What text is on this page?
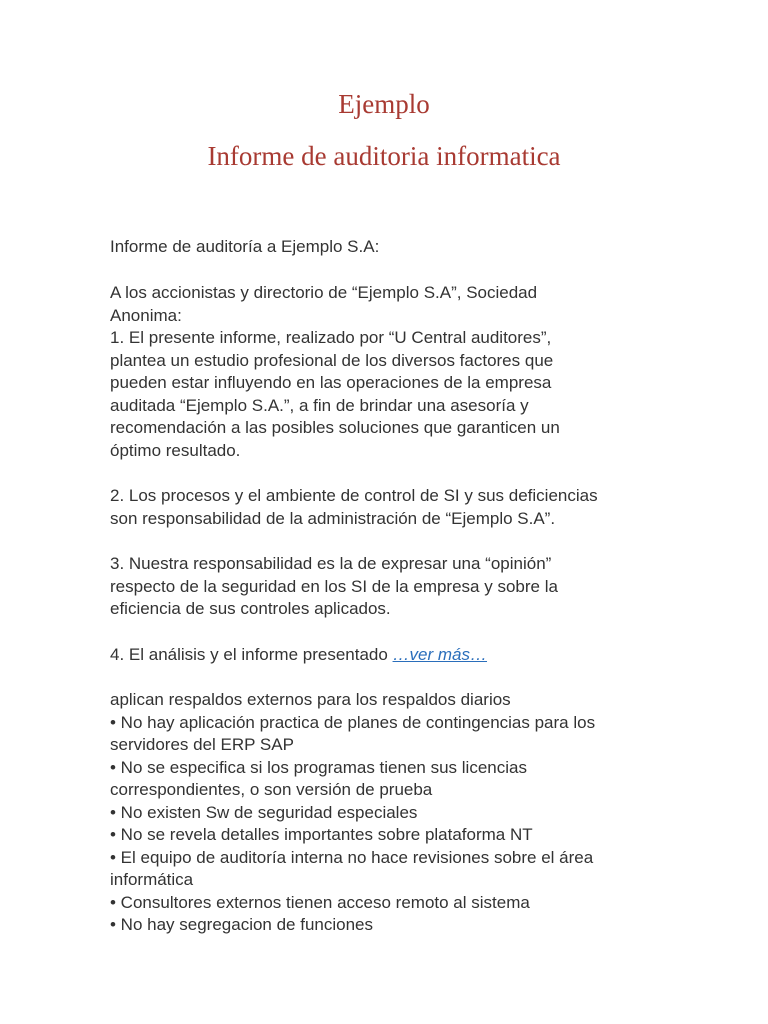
Ejemplo
Informe de auditoria informatica

Informe de auditoría a Ejemplo S.A:

A los accionistas y directorio de “Ejemplo S.A”, Sociedad
Anonima:
1. El presente informe, realizado por “U Central auditores”,
plantea un estudio profesional de los diversos factores que
pueden estar influyendo en las operaciones de la empresa
auditada “Ejemplo S.A.”, a fin de brindar una asesoría y
recomendación a las posibles soluciones que garanticen un
óptimo resultado.

2. Los procesos y el ambiente de control de SI y sus deficiencias
son responsabilidad de la administración de “Ejemplo S.A”.

3. Nuestra responsabilidad es la de expresar una “opinión”
respecto de la seguridad en los SI de la empresa y sobre la
eficiencia de sus controles aplicados.

4. El análisis y el informe presentado …ver más…

aplican respaldos externos para los respaldos diarios
• No hay aplicación practica de planes de contingencias para los
servidores del ERP SAP
• No se especifica si los programas tienen sus licencias
correspondientes, o son versión de prueba
• No existen Sw de seguridad especiales
• No se revela detalles importantes sobre plataforma NT
• El equipo de auditoría interna no hace revisiones sobre el área
informática
• Consultores externos tienen acceso remoto al sistema
• No hay segregacion de funciones
